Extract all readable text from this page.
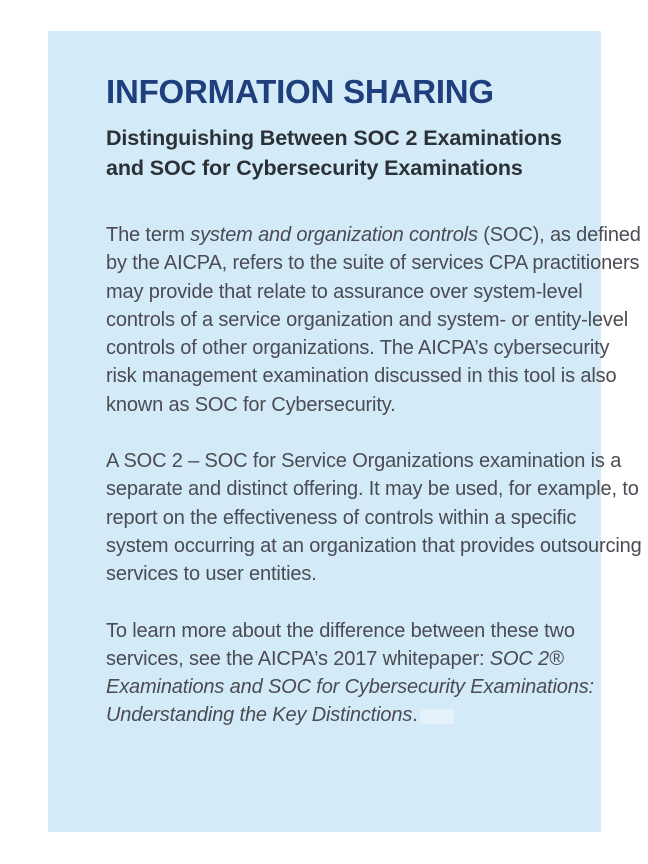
INFORMATION SHARING
Distinguishing Between SOC 2 Examinations
and SOC for Cybersecurity Examinations

The term system and organization controls (SOC), as defined by the AICPA, refers to the suite of services CPA practitioners may provide that relate to assurance over system-level controls of a service organization and system- or entity-level controls of other organizations. The AICPA’s cybersecurity risk management examination discussed in this tool is also known as SOC for Cybersecurity.

A SOC 2 – SOC for Service Organizations examination is a separate and distinct offering. It may be used, for example, to report on the effectiveness of controls within a specific system occurring at an organization that provides outsourcing services to user entities.

To learn more about the difference between these two services, see the AICPA’s 2017 whitepaper: SOC 2® Examinations and SOC for Cybersecurity Examinations: Understanding the Key Distinctions.
